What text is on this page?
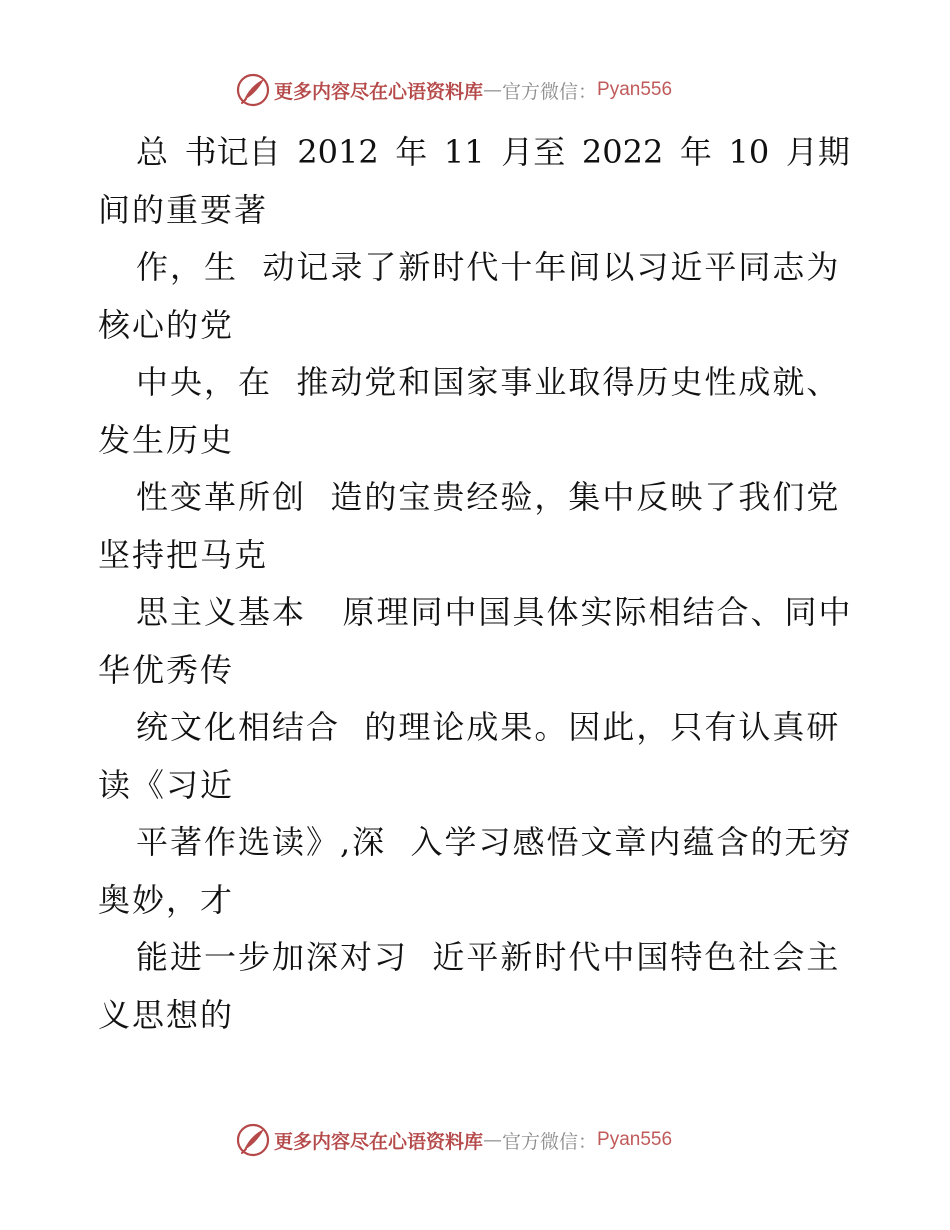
更多内容尽在心语资料库 — 官方微信： Pyan556
总 书记自 2012 年 11 月至 2022 年 10 月期
间的重要著
作，生  动记录了新时代十年间以习近平同志为
核心的党
中央，在  推动党和国家事业取得历史性成就、
发生历史
性变革所创  造的宝贵经验，集中反映了我们党
坚持把马克
思主义基本   原理同中国具体实际相结合、同中
华优秀传
统文化相结合  的理论成果。因此，只有认真研
读《习近
平著作选读》,深  入学习感悟文章内蕴含的无穷
奥妙，才
能进一步加深对习  近平新时代中国特色社会主
义思想的
更多内容尽在心语资料库 — 官方微信： Pyan556
